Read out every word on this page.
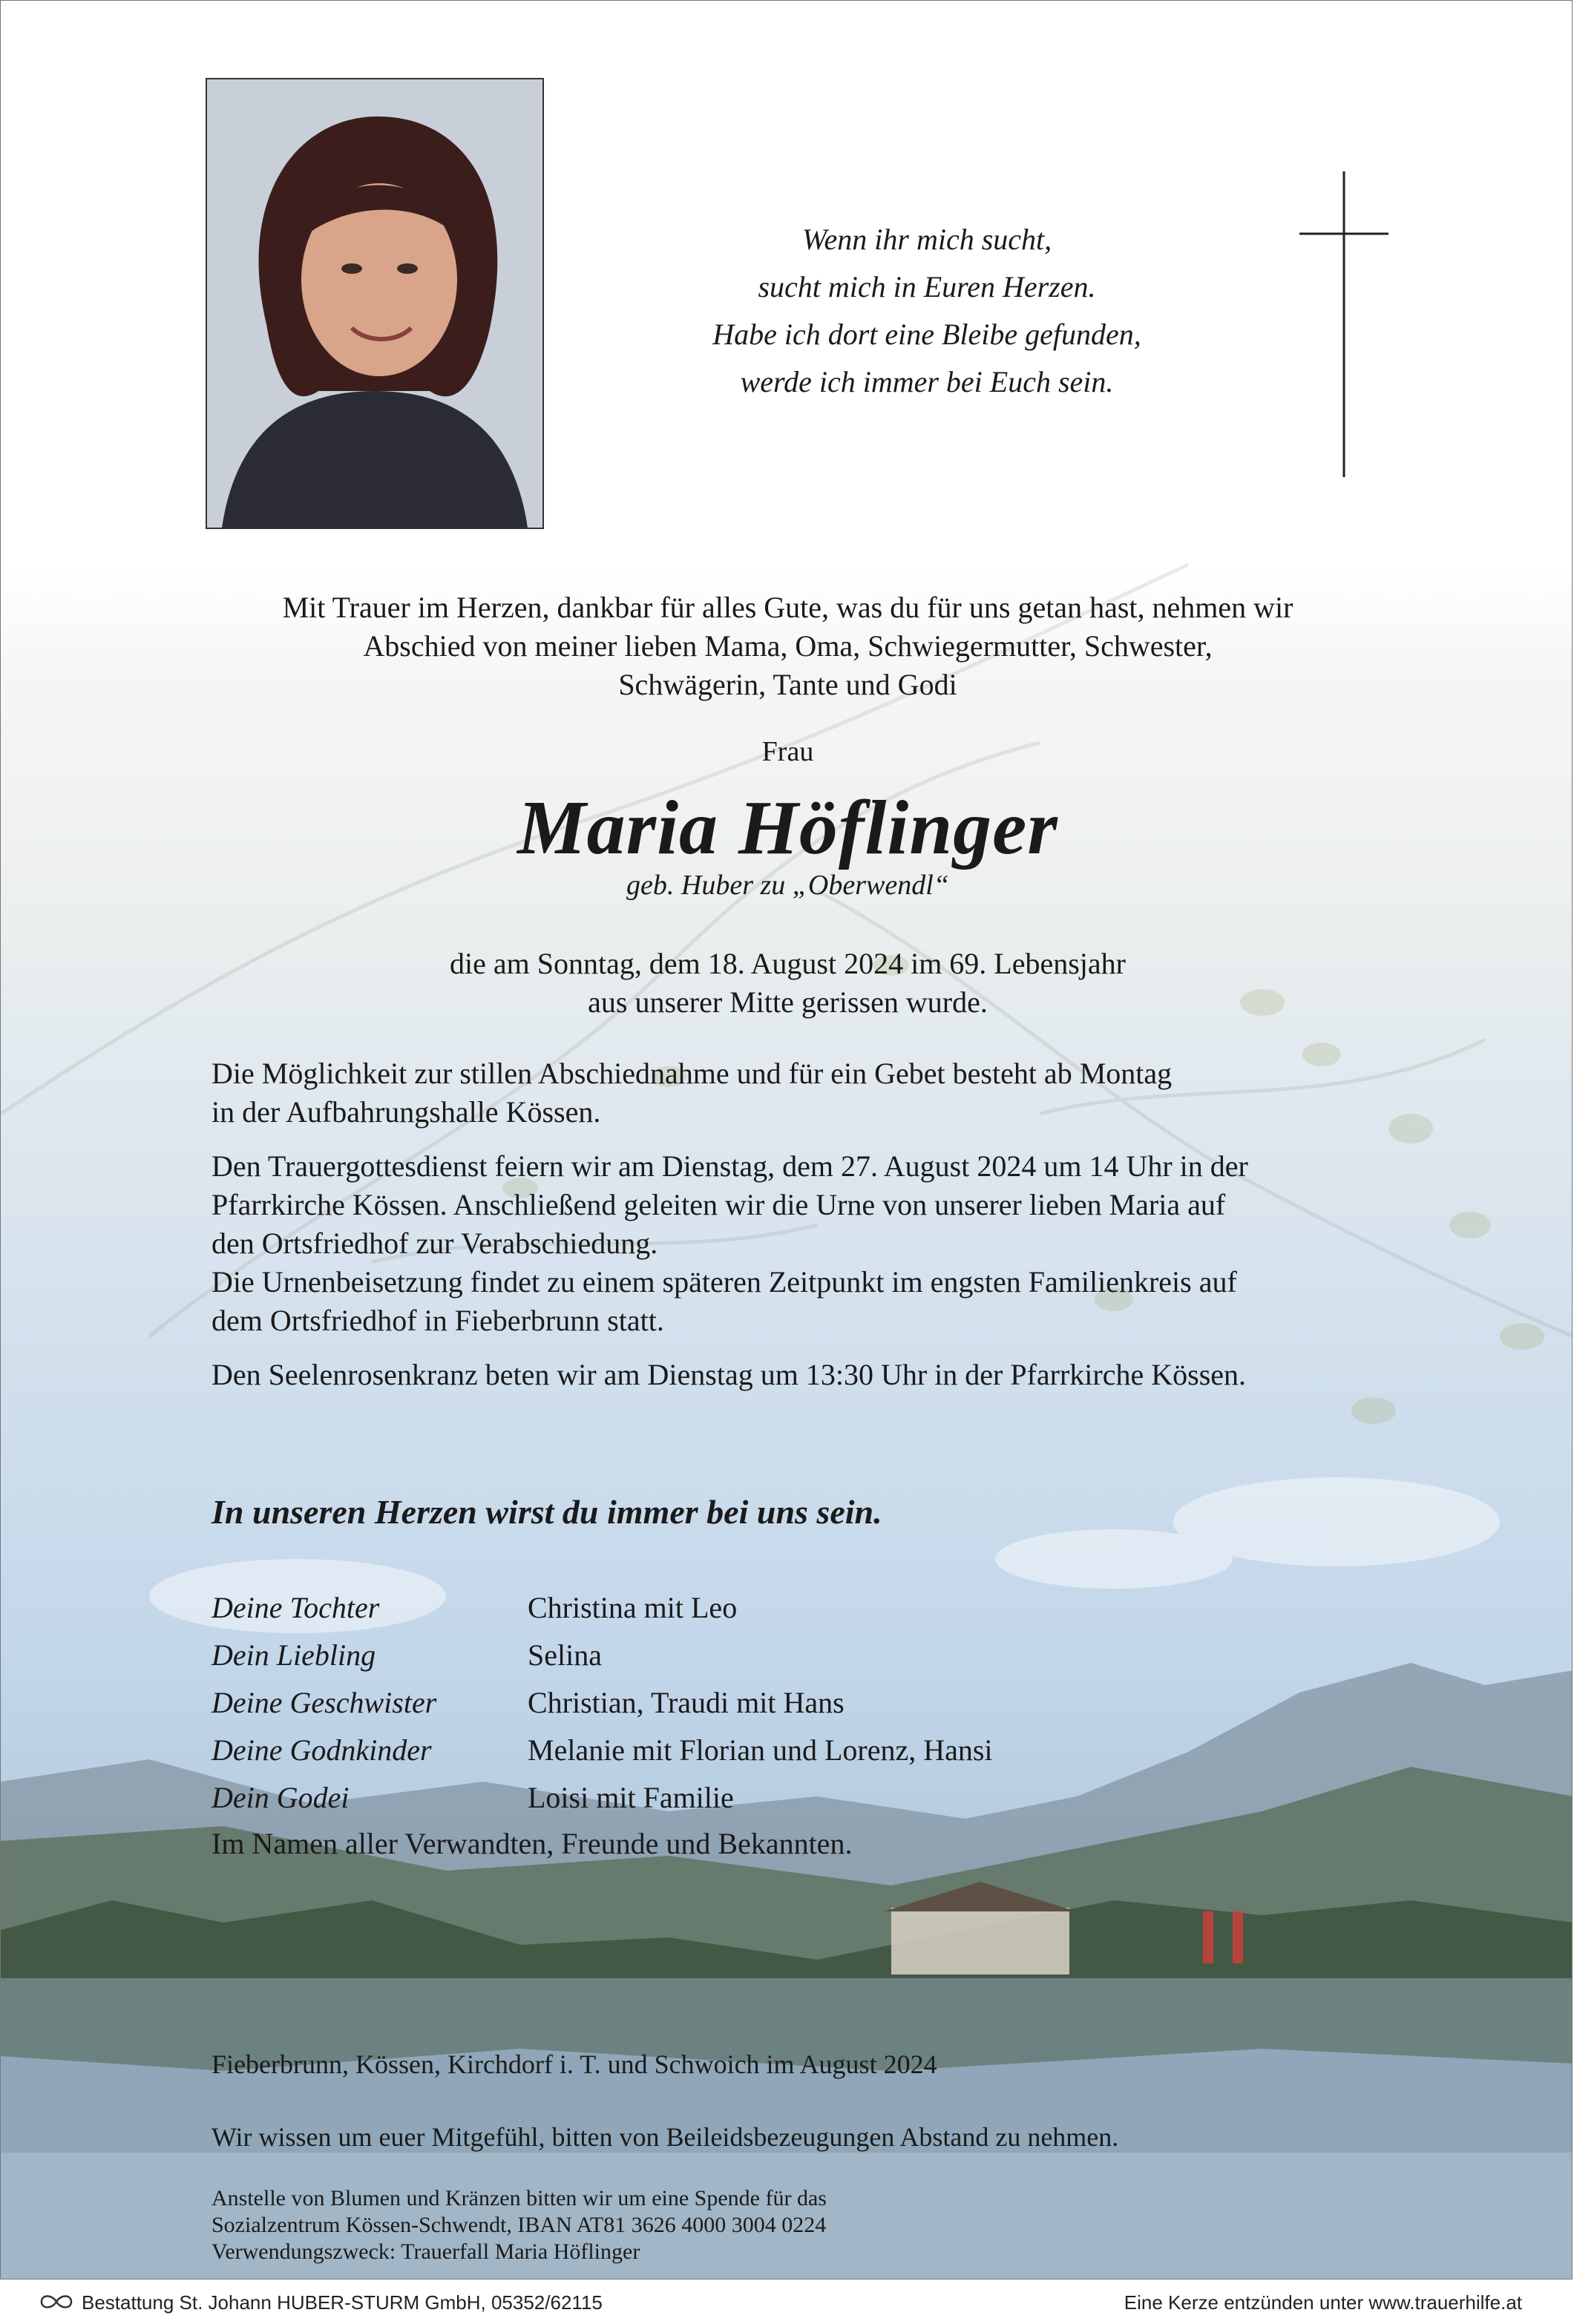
Wenn ihr mich sucht,
sucht mich in Euren Herzen.
Habe ich dort eine Bleibe gefunden,
werde ich immer bei Euch sein.
Mit Trauer im Herzen, dankbar für alles Gute, was du für uns getan hast, nehmen wir
Abschied von meiner lieben Mama, Oma, Schwiegermutter, Schwester,
Schwägerin, Tante und Godi
Frau
Maria Höflinger
geb. Huber zu „Oberwendl“
die am Sonntag, dem 18. August 2024 im 69. Lebensjahr
aus unserer Mitte gerissen wurde.
Die Möglichkeit zur stillen Abschiednahme und für ein Gebet besteht ab Montag
in der Aufbahrungshalle Kössen.
Den Trauergottesdienst feiern wir am Dienstag, dem 27. August 2024 um 14 Uhr in der
Pfarrkirche Kössen. Anschließend geleiten wir die Urne von unserer lieben Maria auf
den Ortsfriedhof zur Verabschiedung.
Die Urnenbeisetzung findet zu einem späteren Zeitpunkt im engsten Familienkreis auf
dem Ortsfriedhof in Fieberbrunn statt.
Den Seelenrosenkranz beten wir am Dienstag um 13:30 Uhr in der Pfarrkirche Kössen.
In unseren Herzen wirst du immer bei uns sein.
Deine Tochter	Christina mit Leo
Dein Liebling	Selina
Deine Geschwister	Christian, Traudi mit Hans
Deine Godnkinder	Melanie mit Florian und Lorenz, Hansi
Dein Godei	Loisi mit Familie
Im Namen aller Verwandten, Freunde und Bekannten.
Fieberbrunn, Kössen, Kirchdorf i. T. und Schwoich im August 2024
Wir wissen um euer Mitgefühl, bitten von Beileidsbezeugungen Abstand zu nehmen.
Anstelle von Blumen und Kränzen bitten wir um eine Spende für das
Sozialzentrum Kössen-Schwendt, IBAN AT81 3626 4000 3004 0224
Verwendungszweck: Trauerfall Maria Höflinger
Bestattung St. Johann HUBER-STURM GmbH, 05352/62115	Eine Kerze entzünden unter www.trauerhilfe.at
